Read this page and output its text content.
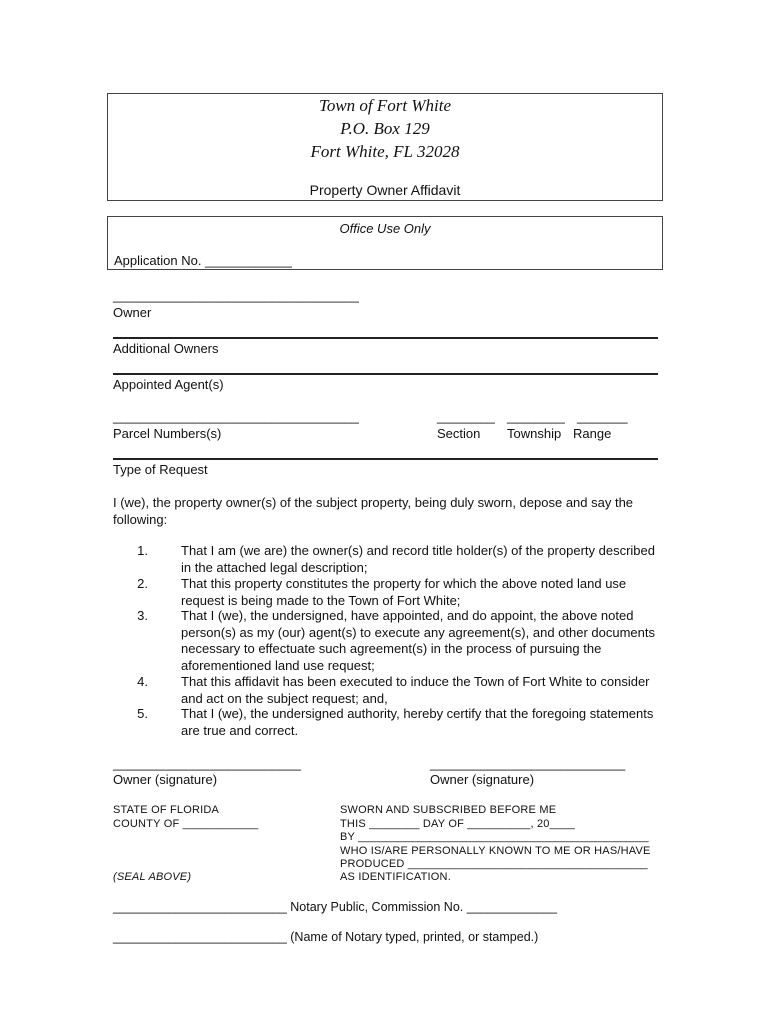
Town of Fort White
P.O. Box 129
Fort White, FL 32028
Property Owner Affidavit
Office Use Only
Application No. ____________
__________________________________
Owner
Additional Owners
Appointed Agent(s)
__________________________________	________ ________ _______
Parcel Numbers(s)	Section Township Range
Type of Request
I (we), the property owner(s) of the subject property, being duly sworn, depose and say the following:
1.	That I am (we are) the owner(s) and record title holder(s) of the property described in the attached legal description;
2.	That this property constitutes the property for which the above noted land use request is being made to the Town of Fort White;
3.	That I (we), the undersigned, have appointed, and do appoint, the above noted person(s) as my (our) agent(s) to execute any agreement(s), and other documents necessary to effectuate such agreement(s) in the process of pursuing the aforementioned land use request;
4.	That this affidavit has been executed to induce the Town of Fort White to consider and act on the subject request; and,
5.	That I (we), the undersigned authority, hereby certify that the foregoing statements are true and correct.
__________________________	___________________________
Owner (signature)	Owner (signature)
STATE OF FLORIDA
COUNTY OF ____________
(SEAL ABOVE)
SWORN AND SUBSCRIBED BEFORE ME
THIS ________ DAY OF __________, 20____
BY ______________________________________________
WHO IS/ARE PERSONALLY KNOWN TO ME OR HAS/HAVE
PRODUCED ______________________________________
AS IDENTIFICATION.
_________________________ Notary Public, Commission No. _____________
_________________________ (Name of Notary typed, printed, or stamped.)
